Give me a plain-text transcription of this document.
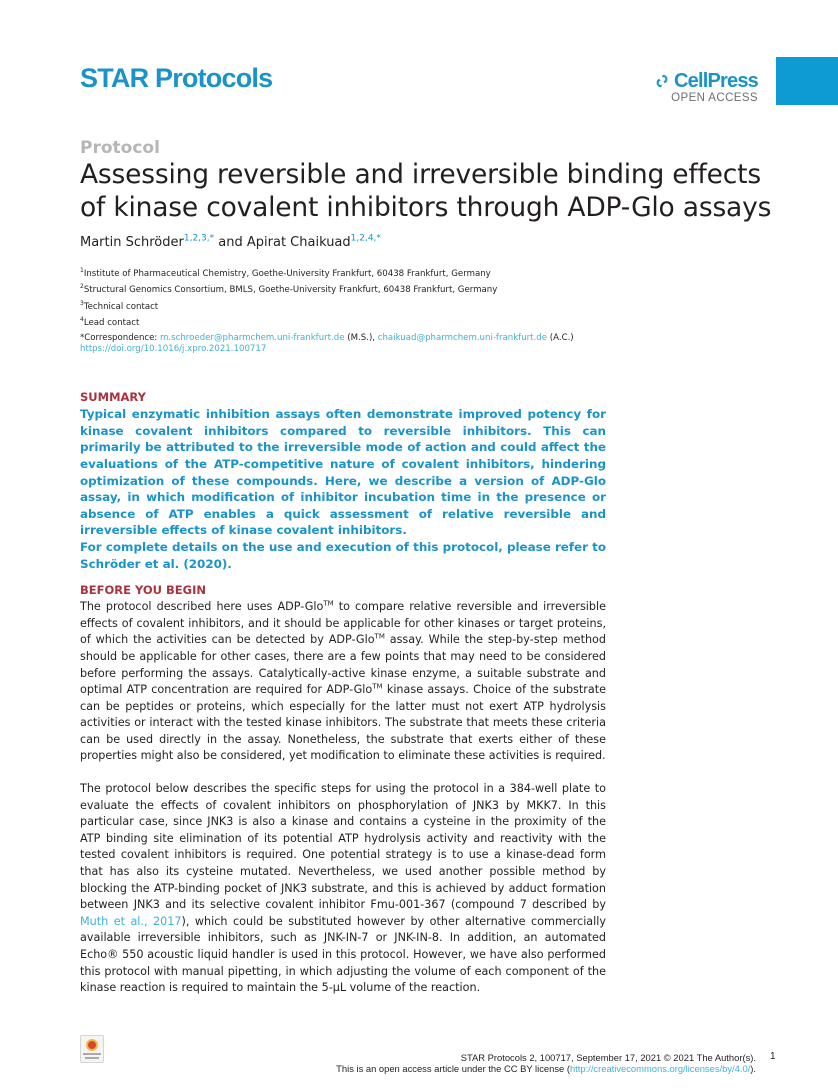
STAR Protocols	CellPress
OPEN ACCESS
Protocol
Assessing reversible and irreversible binding effects of kinase covalent inhibitors through ADP-Glo assays
Martin Schröder$^{1,2,3,*}$ and Apirat Chaikuad$^{1,2,4,*}$
$^1$Institute of Pharmaceutical Chemistry, Goethe-University Frankfurt, 60438 Frankfurt, Germany
$^2$Structural Genomics Consortium, BMLS, Goethe-University Frankfurt, 60438 Frankfurt, Germany
$^3$Technical contact
$^4$Lead contact
*Correspondence: m.schroeder@pharmchem.uni-frankfurt.de (M.S.), chaikuad@pharmchem.uni-frankfurt.de (A.C.)
https://doi.org/10.1016/j.xpro.2021.100717
SUMMARY
Typical enzymatic inhibition assays often demonstrate improved potency for kinase covalent inhibitors compared to reversible inhibitors. This can primarily be attributed to the irreversible mode of action and could affect the evaluations of the ATP-competitive nature of covalent inhibitors, hindering optimization of these compounds. Here, we describe a version of ADP-Glo assay, in which modification of inhibitor incubation time in the presence or absence of ATP enables a quick assessment of relative reversible and irreversible effects of kinase covalent inhibitors.
For complete details on the use and execution of this protocol, please refer to Schröder et al. (2020).
BEFORE YOU BEGIN
The protocol described here uses ADP-Glo™ to compare relative reversible and irreversible effects of covalent inhibitors, and it should be applicable for other kinases or target proteins, of which the activities can be detected by ADP-Glo™ assay. While the step-by-step method should be applicable for other cases, there are a few points that may need to be considered before performing the assays. Catalytically-active kinase enzyme, a suitable substrate and optimal ATP concentration are required for ADP-Glo™ kinase assays. Choice of the substrate can be peptides or proteins, which especially for the latter must not exert ATP hydrolysis activities or interact with the tested kinase inhibitors. The substrate that meets these criteria can be used directly in the assay. Nonetheless, the substrate that exerts either of these properties might also be considered, yet modification to eliminate these activities is required.
The protocol below describes the specific steps for using the protocol in a 384-well plate to evaluate the effects of covalent inhibitors on phosphorylation of JNK3 by MKK7. In this particular case, since JNK3 is also a kinase and contains a cysteine in the proximity of the ATP binding site elimination of its potential ATP hydrolysis activity and reactivity with the tested covalent inhibitors is required. One potential strategy is to use a kinase-dead form that has also its cysteine mutated. Nevertheless, we used another possible method by blocking the ATP-binding pocket of JNK3 substrate, and this is achieved by adduct formation between JNK3 and its selective covalent inhibitor Fmu-001-367 (compound 7 described by Muth et al., 2017), which could be substituted however by other alternative commercially available irreversible inhibitors, such as JNK-IN-7 or JNK-IN-8. In addition, an automated Echo® 550 acoustic liquid handler is used in this protocol. However, we have also performed this protocol with manual pipetting, in which adjusting the volume of each component of the kinase reaction is required to maintain the 5-µL volume of the reaction.
STAR Protocols 2, 100717, September 17, 2021 © 2021 The Author(s).
This is an open access article under the CC BY license (http://creativecommons.org/licenses/by/4.0/).
1
